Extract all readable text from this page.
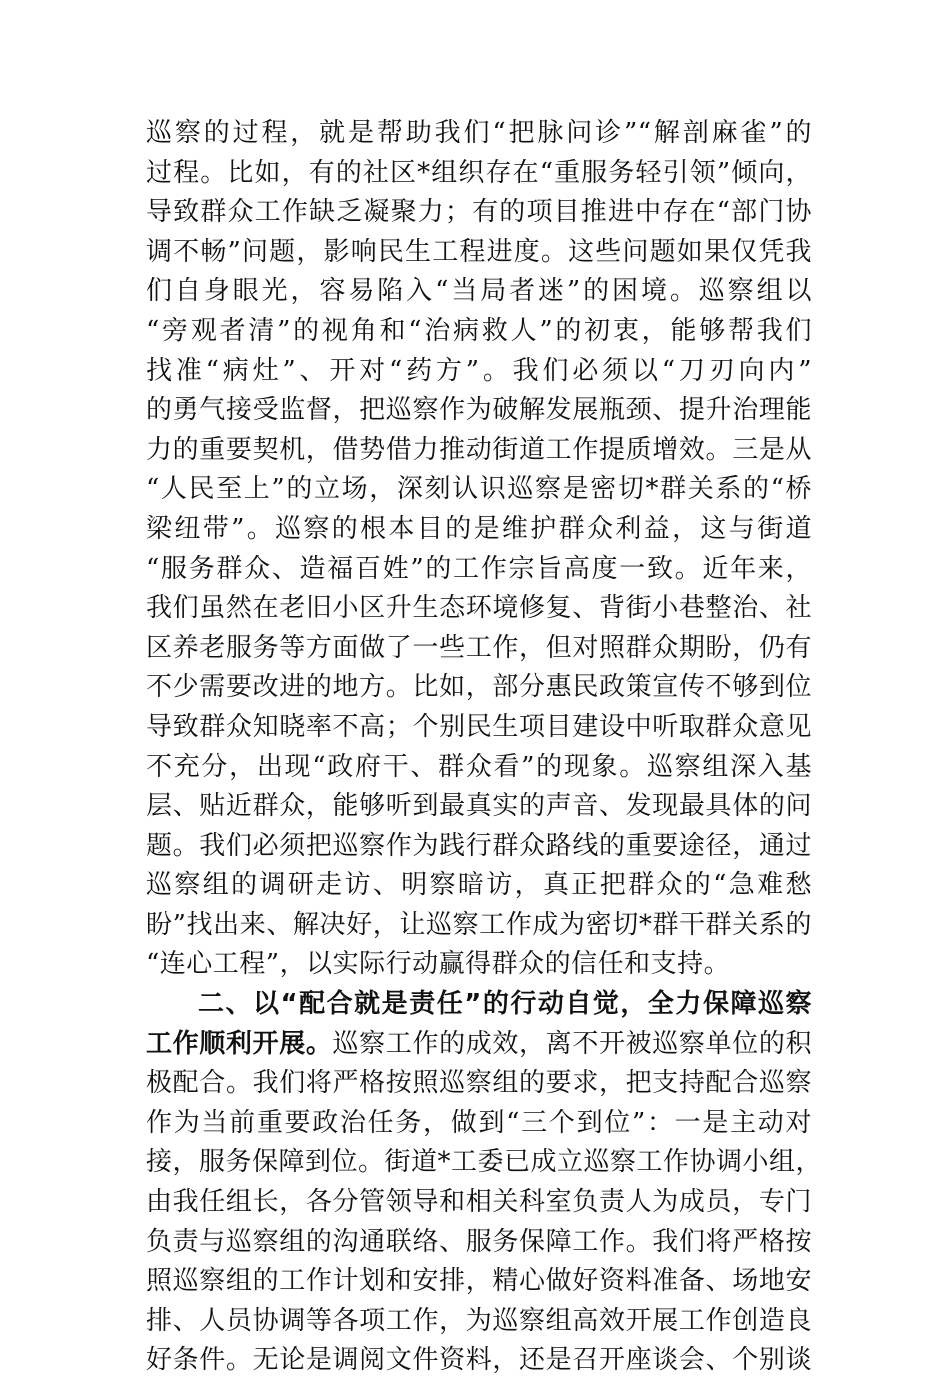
巡察的过程，就是帮助我们“把脉问诊”“解剖麻雀”的
过程。比如，有的社区*组织存在“重服务轻引领”倾向，
导致群众工作缺乏凝聚力；有的项目推进中存在“部门协
调不畅”问题，影响民生工程进度。这些问题如果仅凭我
们自身眼光，容易陷入“当局者迷”的困境。巡察组以
“旁观者清”的视角和“治病救人”的初衷，能够帮我们
找准“病灶”、开对“药方”。我们必须以“刀刃向内”
的勇气接受监督，把巡察作为破解发展瓶颈、提升治理能
力的重要契机，借势借力推动街道工作提质增效。三是从
“人民至上”的立场，深刻认识巡察是密切*群关系的“桥
梁纽带”。巡察的根本目的是维护群众利益，这与街道
“服务群众、造福百姓”的工作宗旨高度一致。近年来，
我们虽然在老旧小区升生态环境修复、背街小巷整治、社
区养老服务等方面做了一些工作，但对照群众期盼，仍有
不少需要改进的地方。比如，部分惠民政策宣传不够到位
导致群众知晓率不高；个别民生项目建设中听取群众意见
不充分，出现“政府干、群众看”的现象。巡察组深入基
层、贴近群众，能够听到最真实的声音、发现最具体的问
题。我们必须把巡察作为践行群众路线的重要途径，通过
巡察组的调研走访、明察暗访，真正把群众的“急难愁
盼”找出来、解决好，让巡察工作成为密切*群干群关系的
“连心工程”，以实际行动赢得群众的信任和支持。
二、以“配合就是责任”的行动自觉，全力保障巡察
工作顺利开展。巡察工作的成效，离不开被巡察单位的积
极配合。我们将严格按照巡察组的要求，把支持配合巡察
作为当前重要政治任务，做到“三个到位”：一是主动对
接，服务保障到位。街道*工委已成立巡察工作协调小组，
由我任组长，各分管领导和相关科室负责人为成员，专门
负责与巡察组的沟通联络、服务保障工作。我们将严格按
照巡察组的工作计划和安排，精心做好资料准备、场地安
排、人员协调等各项工作，为巡察组高效开展工作创造良
好条件。无论是调阅文件资料，还是召开座谈会、个别谈
